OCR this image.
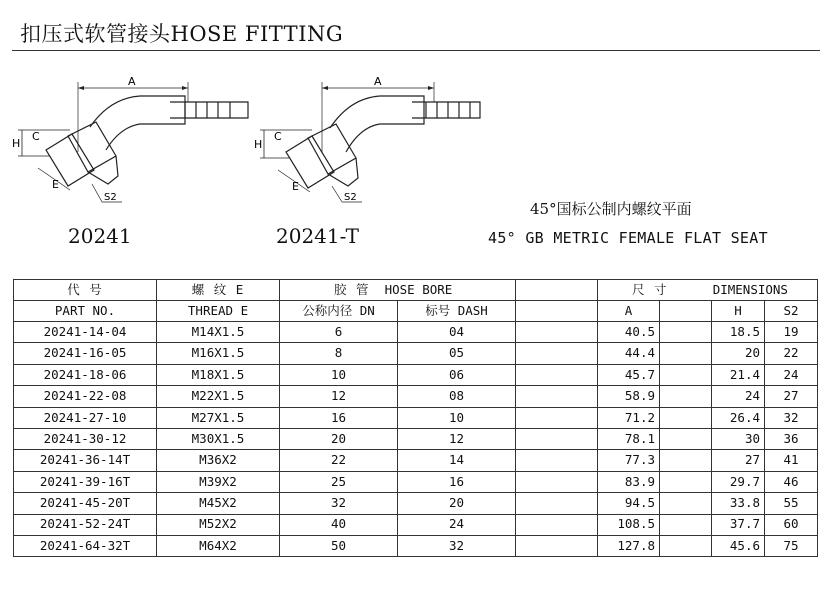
扣压式软管接头HOSE FITTING
A
H
C
E
S2
20241
A
H
C
E
S2
20241-T
45°国标公制内螺纹平面
45° GB METRIC FEMALE FLAT SEAT
代 号	螺 纹 E	胶 管 HOSE BORE			尺 寸 DIMENSIONS			
PART NO.	THREAD E	公称内径 DN	标号 DASH		A		H	S2
20241-14-04	M14X1.5	6	04		40.5		18.5	19
20241-16-05	M16X1.5	8	05		44.4		20	22
20241-18-06	M18X1.5	10	06		45.7		21.4	24
20241-22-08	M22X1.5	12	08		58.9		24	27
20241-27-10	M27X1.5	16	10		71.2		26.4	32
20241-30-12	M30X1.5	20	12		78.1		30	36
20241-36-14T	M36X2	22	14		77.3		27	41
20241-39-16T	M39X2	25	16		83.9		29.7	46
20241-45-20T	M45X2	32	20		94.5		33.8	55
20241-52-24T	M52X2	40	24		108.5		37.7	60
20241-64-32T	M64X2	50	32		127.8		45.6	75
